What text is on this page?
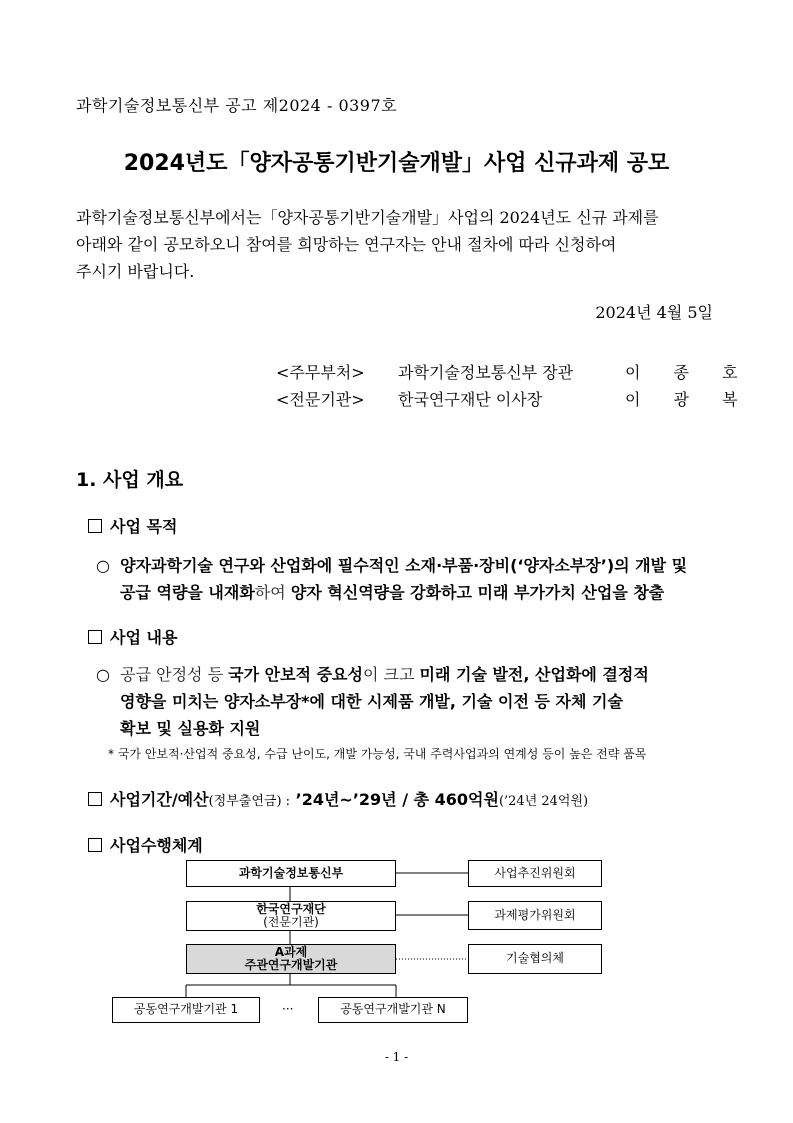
과학기술정보통신부 공고 제2024 - 0397호
2024년도「양자공통기반기술개발」사업 신규과제 공모
과학기술정보통신부에서는「양자공통기반기술개발」사업의 2024년도 신규 과제를
아래와 같이 공모하오니 참여를 희망하는 연구자는 안내 절차에 따라 신청하여
주시기 바랍니다.
2024년 4월 5일
<주무부처> 과학기술정보통신부 장관	이 종 호
<전문기관> 한국연구재단 이사장	이 광 복
1. 사업 개요
사업 목적
○ 양자과학기술 연구와 산업화에 필수적인 소재·부품·장비(‘양자소부장’)의 개발 및
공급 역량을 내재화하여 양자 혁신역량을 강화하고 미래 부가가치 산업을 창출
사업 내용
○ 공급 안정성 등 국가 안보적 중요성이 크고 미래 기술 발전, 산업화에 결정적
영향을 미치는 양자소부장*에 대한 시제품 개발, 기술 이전 등 자체 기술
확보 및 실용화 지원
* 국가 안보적·산업적 중요성, 수급 난이도, 개발 가능성, 국내 주력사업과의 연계성 등이 높은 전략 품목
사업기간/예산(정부출연금) : ’24년~’29년 / 총 460억원(’24년 24억원)
사업수행체계
과학기술정보통신부	사업추진위원회
한국연구재단
(전문기관)
과제평가위원회
A과제
주관연구개발기관	기술협의체
공동연구개발기관 1	···	공동연구개발기관 N
- 1 -
